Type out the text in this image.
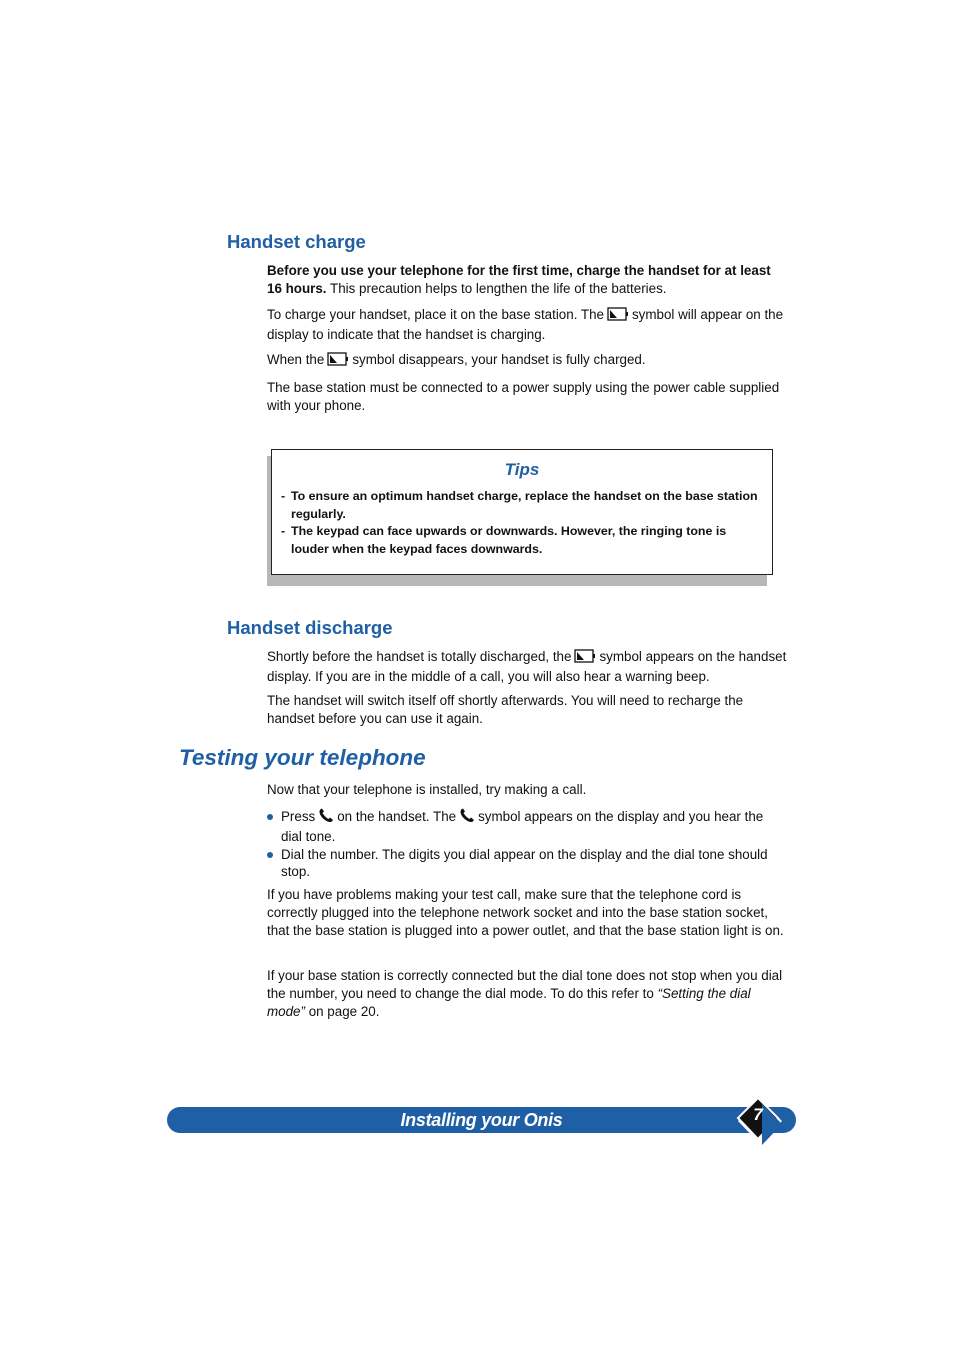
Handset charge

Before you use your telephone for the first time, charge the handset for at least 16 hours. This precaution helps to lengthen the life of the batteries.

To charge your handset, place it on the base station. The symbol will appear on the display to indicate that the handset is charging.

When the symbol disappears, your handset is fully charged.

The base station must be connected to a power supply using the power cable supplied with your phone.

Tips
- To ensure an optimum handset charge, replace the handset on the base station regularly.
- The keypad can face upwards or downwards. However, the ringing tone is louder when the keypad faces downwards.
Handset discharge

Shortly before the handset is totally discharged, the symbol appears on the handset display. If you are in the middle of a call, you will also hear a warning beep.

The handset will switch itself off shortly afterwards. You will need to recharge the handset before you can use it again.

Testing your telephone

Now that your telephone is installed, try making a call.

Press on the handset. The symbol appears on the display and you hear the dial tone.
Dial the number. The digits you dial appear on the display and the dial tone should stop.

If you have problems making your test call, make sure that the telephone cord is correctly plugged into the telephone network socket and into the base station socket, that the base station is plugged into a power outlet, and that the base station light is on.

If your base station is correctly connected but the dial tone does not stop when you dial the number, you need to change the dial mode. To do this refer to “Setting the dial mode” on page 20.

Installing your Onis	7
